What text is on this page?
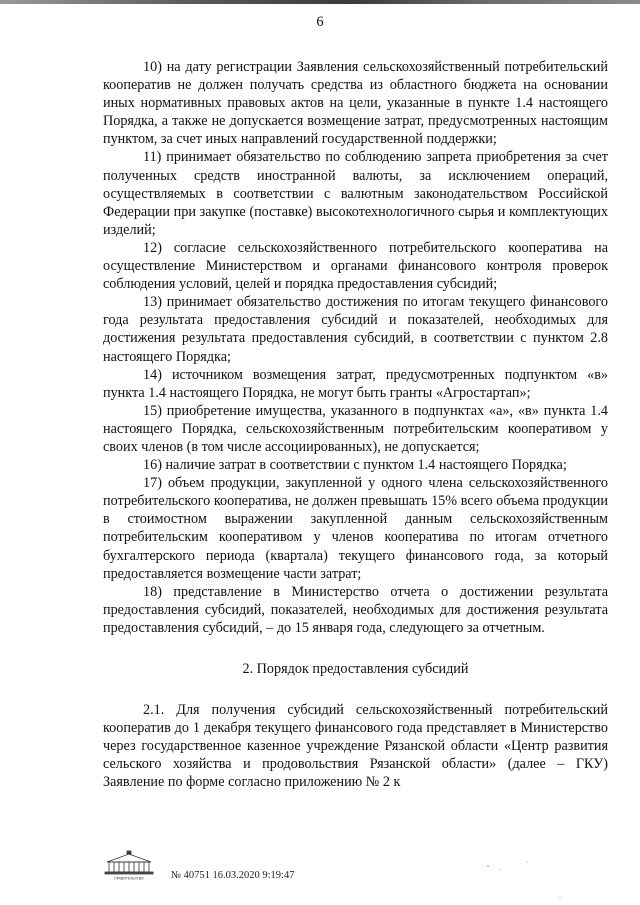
6

10) на дату регистрации Заявления сельскохозяйственный потребительский кооператив не должен получать средства из областного бюджета на основании иных нормативных правовых актов на цели, указанные в пункте 1.4 настоящего Порядка, а также не допускается возмещение затрат, предусмотренных настоящим пунктом, за счет иных направлений государственной поддержки;

11) принимает обязательство по соблюдению запрета приобретения за счет полученных средств иностранной валюты, за исключением операций, осуществляемых в соответствии с валютным законодательством Российской Федерации при закупке (поставке) высокотехнологичного сырья и комплектующих изделий;

12) согласие сельскохозяйственного потребительского кооператива на осуществление Министерством и органами финансового контроля проверок соблюдения условий, целей и порядка предоставления субсидий;

13) принимает обязательство достижения по итогам текущего финансового года результата предоставления субсидий и показателей, необходимых для достижения результата предоставления субсидий, в соответствии с пунктом 2.8 настоящего Порядка;

14) источником возмещения затрат, предусмотренных подпунктом «в» пункта 1.4 настоящего Порядка, не могут быть гранты «Агростартап»;

15) приобретение имущества, указанного в подпунктах «а», «в» пункта 1.4 настоящего Порядка, сельскохозяйственным потребительским кооперативом у своих членов (в том числе ассоциированных), не допускается;

16) наличие затрат в соответствии с пунктом 1.4 настоящего Порядка;

17) объем продукции, закупленной у одного члена сельскохозяйственного потребительского кооператива, не должен превышать 15% всего объема продукции в стоимостном выражении закупленной данным сельскохозяйственным потребительским кооперативом у членов кооператива по итогам отчетного бухгалтерского периода (квартала) текущего финансового года, за который предоставляется возмещение части затрат;

18) представление в Министерство отчета о достижении результата предоставления субсидий, показателей, необходимых для достижения результата предоставления субсидий, – до 15 января года, следующего за отчетным.

2. Порядок предоставления субсидий

2.1. Для получения субсидий сельскохозяйственный потребительский кооператив до 1 декабря текущего финансового года представляет в Министерство через государственное казенное учреждение Рязанской области «Центр развития сельского хозяйства и продовольствия Рязанской области» (далее – ГКУ) Заявление по форме согласно приложению № 2 к

ПРАВИТЕЛЬСТВО	№ 40751 16.03.2020 9:19:47
